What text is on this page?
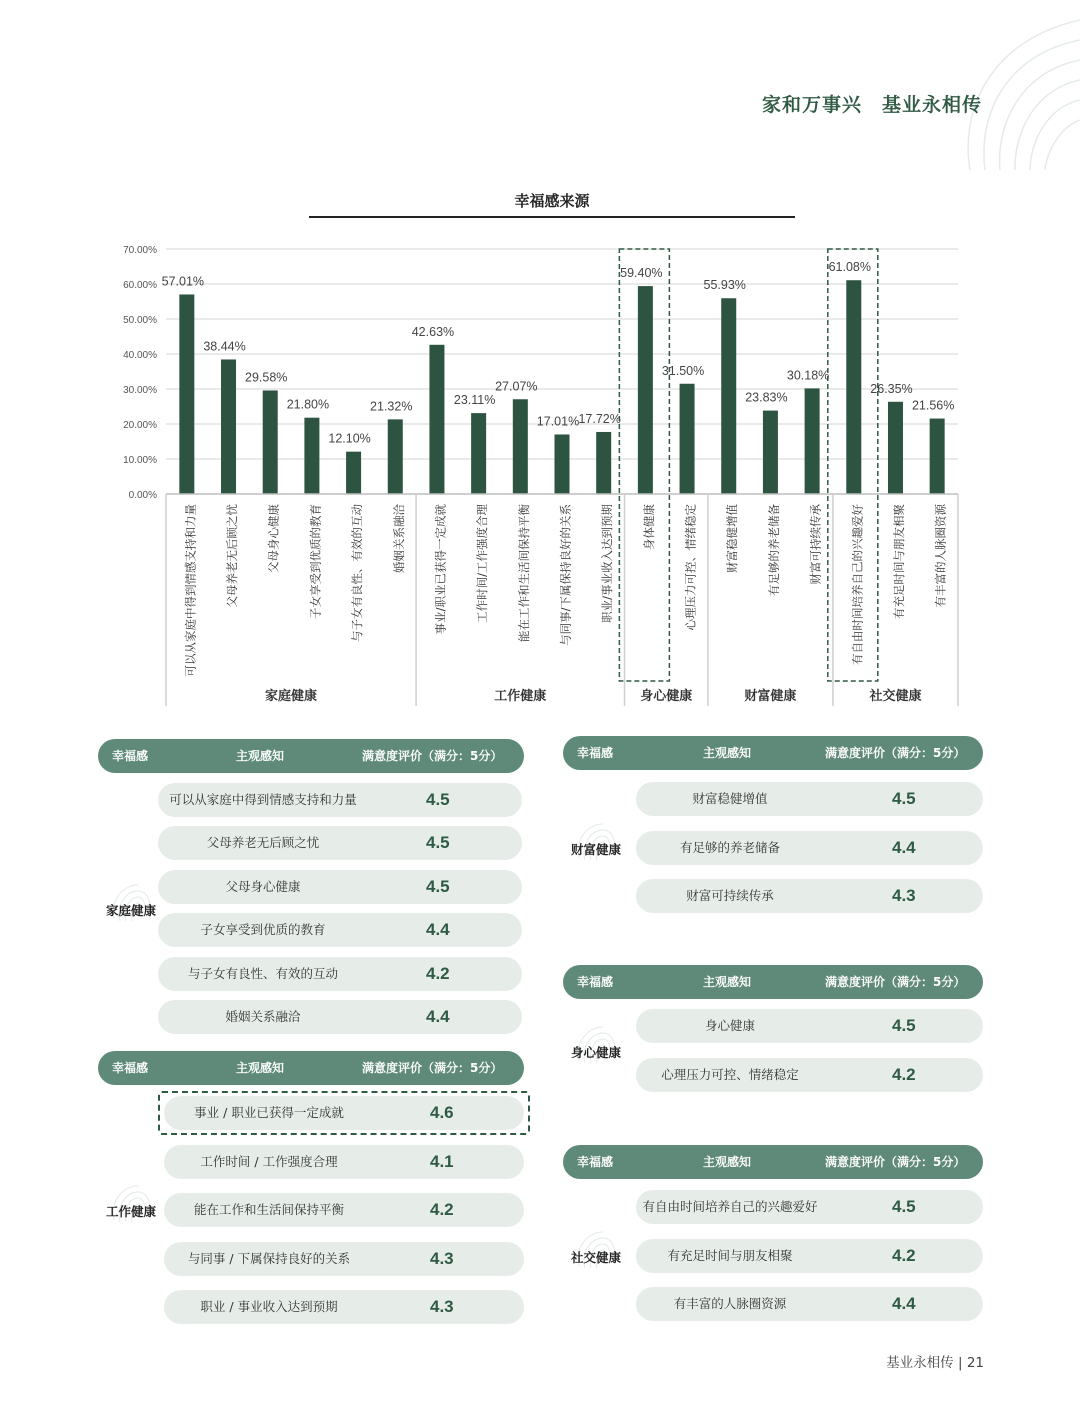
家和万事兴　基业永相传
幸福感来源
0.00%
10.00%
20.00%
30.00%
40.00%
50.00%
60.00%
70.00%
57.01%
可以从家庭中得到情感支持和力量
38.44%
父母养老无后顾之忧
29.58%
父母身心健康
21.80%
子女享受到优质的教育
12.10%
与子女有良性、有效的互动
21.32%
婚姻关系融洽
42.63%
事业/职业已获得一定成就
23.11%
工作时间/工作强度合理
27.07%
能在工作和生活间保持平衡
17.01%
与同事/下属保持良好的关系
17.72%
职业/事业收入达到预期
59.40%
身体健康
31.50%
心理压力可控、情绪稳定
55.93%
财富稳健增值
23.83%
有足够的养老储备
30.18%
财富可持续传承
61.08%
有自由时间培养自己的兴趣爱好
26.35%
有充足时间与朋友相聚
21.56%
有丰富的人脉圈资源
家庭健康	工作健康	身心健康	财富健康	社交健康
幸福感	主观感知	满意度评价（满分：5分）
可以从家庭中得到情感支持和力量	4.5
父母养老无后顾之忧	4.5
父母身心健康	4.5
子女享受到优质的教育	4.4
与子女有良性、有效的互动	4.2
婚姻关系融洽	4.4
家庭健康
幸福感	主观感知	满意度评价（满分：5分）
事业 / 职业已获得一定成就	4.6
工作时间 / 工作强度合理	4.1
能在工作和生活间保持平衡	4.2
与同事 / 下属保持良好的关系	4.3
职业 / 事业收入达到预期	4.3
工作健康
幸福感	主观感知	满意度评价（满分：5分）
财富稳健增值	4.5
有足够的养老储备	4.4
财富可持续传承	4.3
财富健康
幸福感	主观感知	满意度评价（满分：5分）
身心健康	4.5
心理压力可控、情绪稳定	4.2
身心健康
幸福感	主观感知	满意度评价（满分：5分）
有自由时间培养自己的兴趣爱好	4.5
有充足时间与朋友相聚	4.2
有丰富的人脉圈资源	4.4
社交健康
基业永相传 | 21
